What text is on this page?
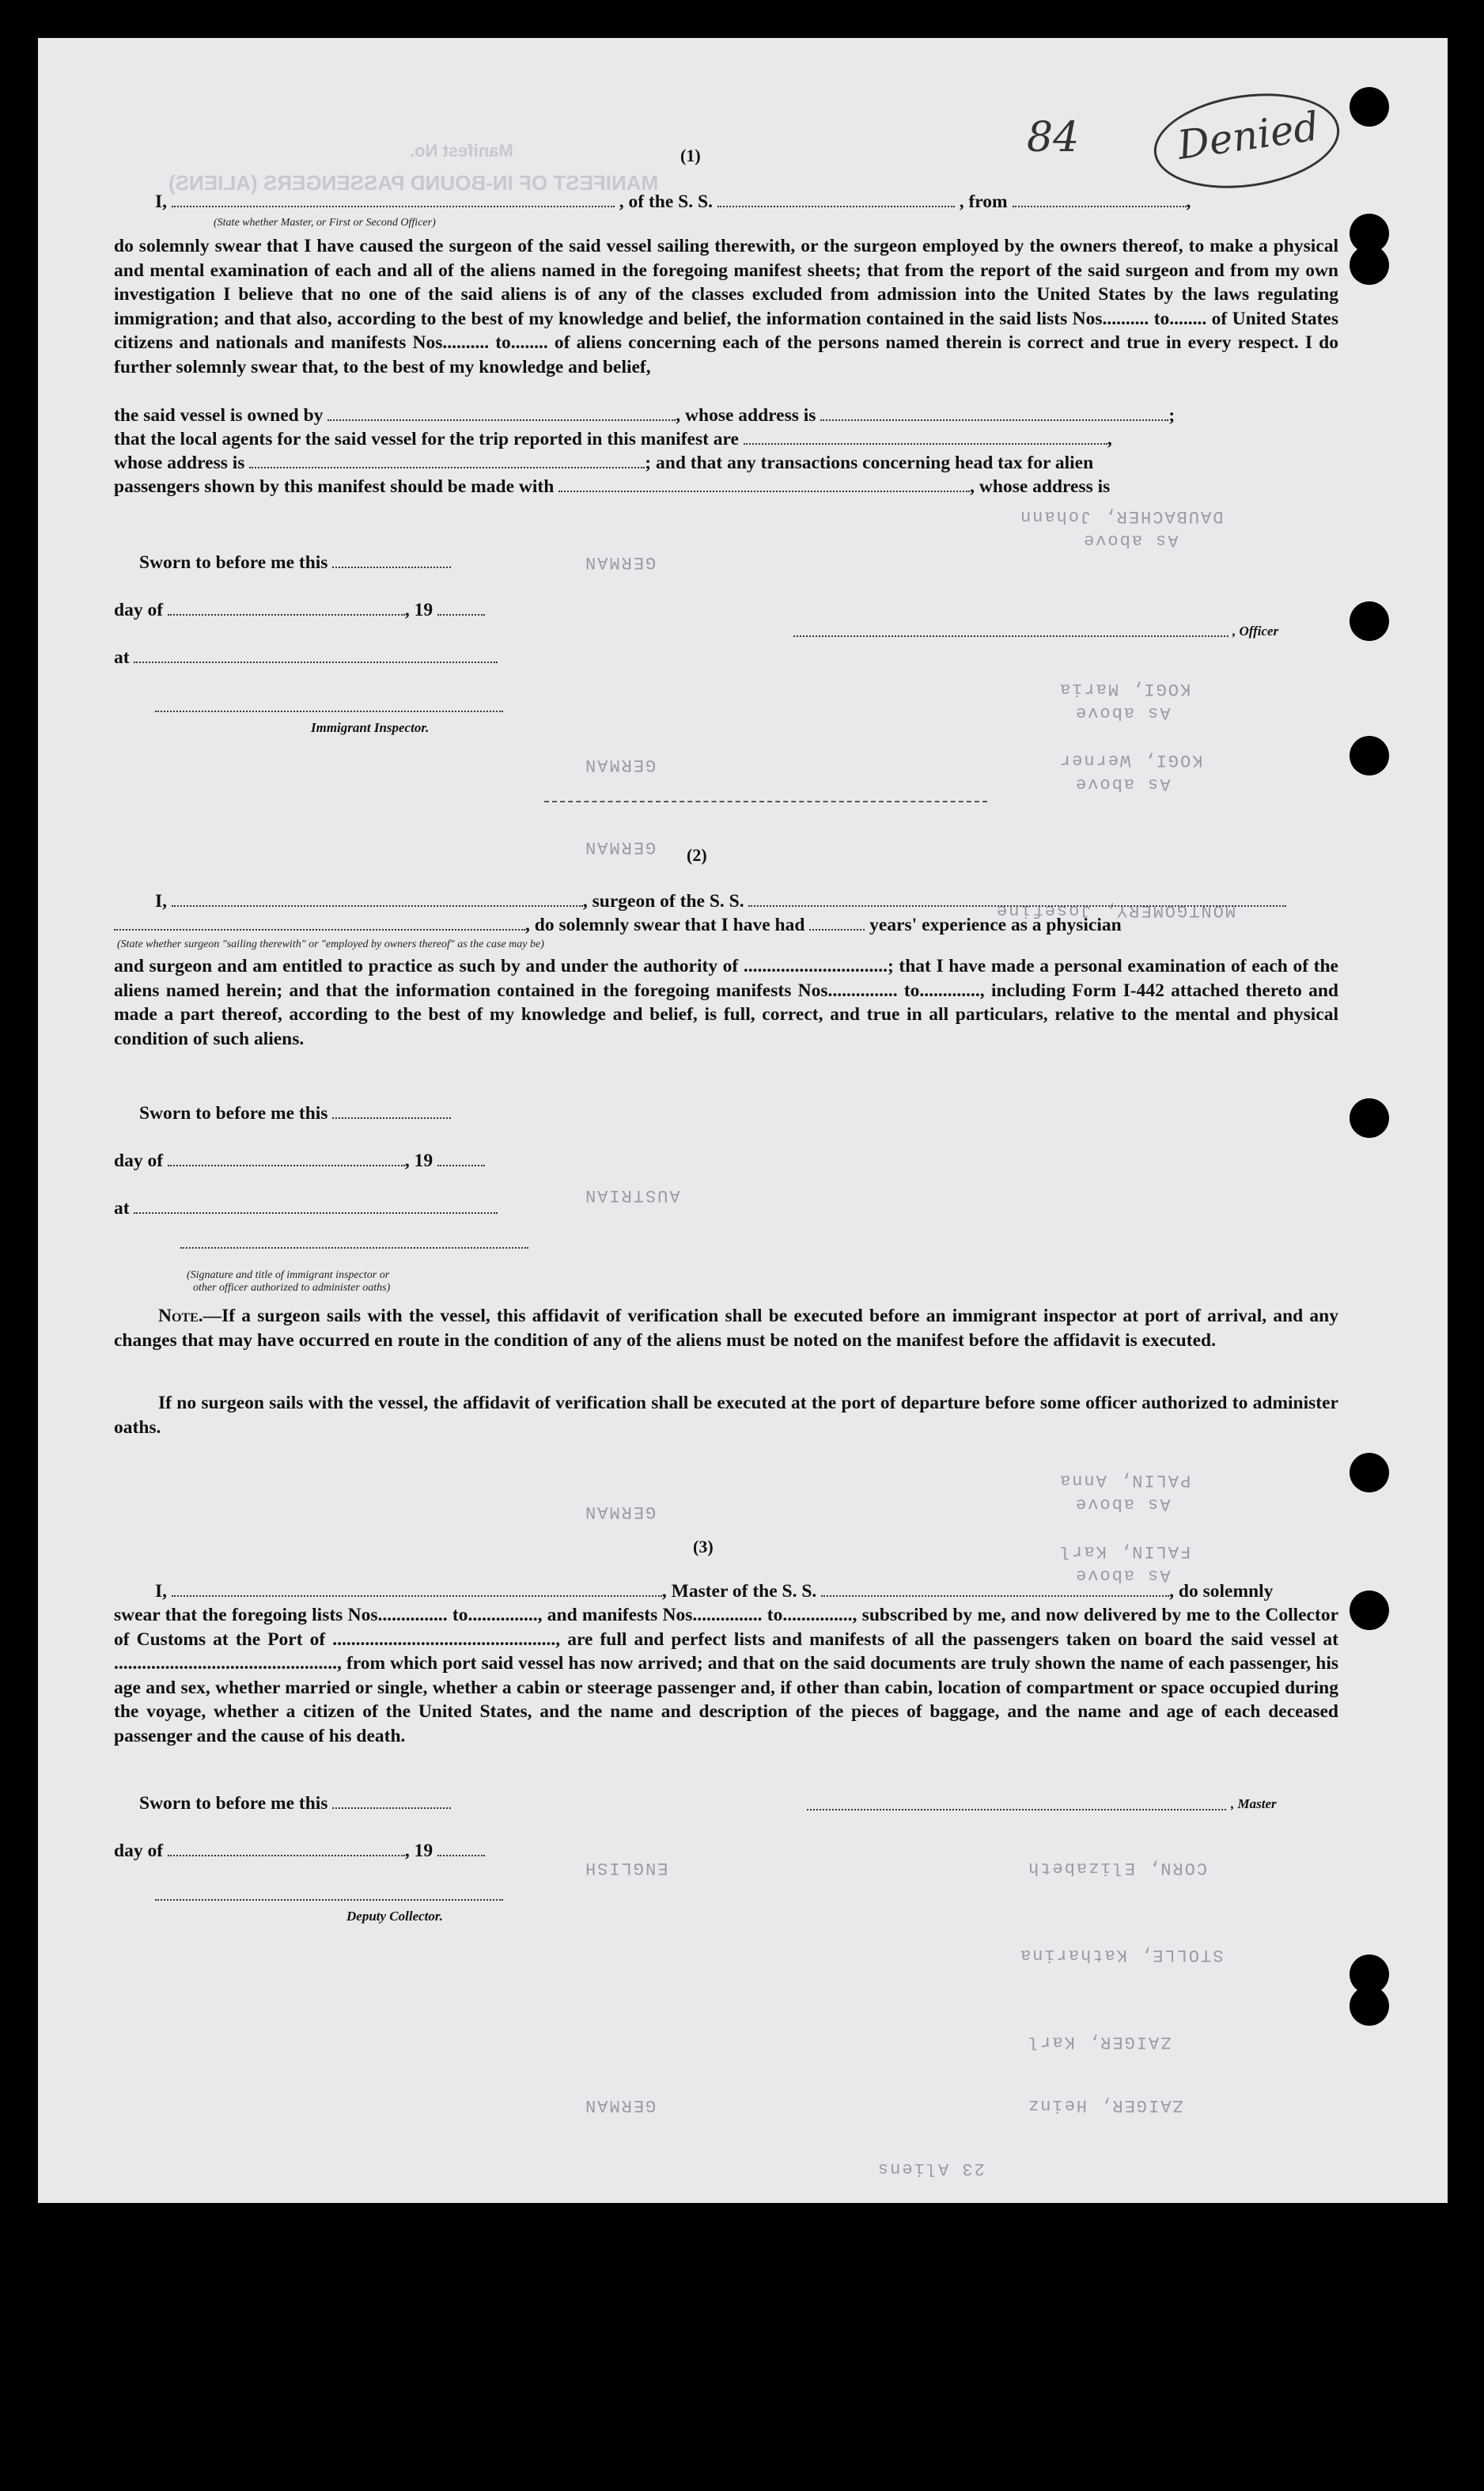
MANIFEST OF IN-BOUND PASSENGERS (ALIENS)
Manifest No.	84 Denied
DAUBACHER, Johann
As above
KOGI, Maria
As above
KOGI, Werner
As above
MONTGOMERY, Josefine
PALIN, Anna
As above
FALIN, Karl
As above
CORN, Elizabeth
STOLLE, Katharina
ZAIGER, Karl
ZAIGER, Heinz
23 Aliens
GERMAN
GERMAN
GERMAN
AUSTRIAN
GERMAN
ENGLISH
GERMAN
(1)
I,	, of the S. S.	, from	,
(State whether Master, or First or Second Officer)
do solemnly swear that I have caused the surgeon of the said vessel sailing therewith, or the surgeon employed by the owners thereof, to make a physical and mental examination of each and all of the aliens named in the foregoing manifest sheets; that from the report of the said surgeon and from my own investigation I believe that no one of the said aliens is of any of the classes excluded from admission into the United States by the laws regulating immigration; and that also, according to the best of my knowledge and belief, the information contained in the said lists Nos.......... to........ of United States citizens and nationals and manifests Nos.......... to........ of aliens concerning each of the persons named therein is correct and true in every respect. I do further solemnly swear that, to the best of my knowledge and belief,
the said vessel is owned by	, whose address is	;
that the local agents for the said vessel for the trip reported in this manifest are	,
whose address is	; and that any transactions concerning head tax for alien
passengers shown by this manifest should be made with	, whose address is
Sworn to before me this
day of	, 19
at
, Officer
Immigrant Inspector.
(2)
I,	, surgeon of the S. S.
, do solemnly swear that I have had	years' experience as a physician
(State whether surgeon "sailing therewith" or "employed by owners thereof" as the case may be)
and surgeon and am entitled to practice as such by and under the authority of ...............................; that I have made a personal examination of each of the aliens named herein; and that the information contained in the foregoing manifests Nos............... to............., including Form I-442 attached thereto and made a part thereof, according to the best of my knowledge and belief, is full, correct, and true in all particulars, relative to the mental and physical condition of such aliens.
Sworn to before me this
day of	, 19
at
(Signature and title of immigrant inspector or
other officer authorized to administer oaths)
Note.—If a surgeon sails with the vessel, this affidavit of verification shall be executed before an immigrant inspector at port of arrival, and any changes that may have occurred en route in the condition of any of the aliens must be noted on the manifest before the affidavit is executed.
If no surgeon sails with the vessel, the affidavit of verification shall be executed at the port of departure before some officer authorized to administer oaths.
(3)
I,	, Master of the S. S.	, do solemnly
swear that the foregoing lists Nos............... to..............., and manifests Nos............... to..............., subscribed by me, and now delivered by me to the Collector of Customs at the Port of ................................................, are full and perfect lists and manifests of all the passengers taken on board the said vessel at ................................................, from which port said vessel has now arrived; and that on the said documents are truly shown the name of each passenger, his age and sex, whether married or single, whether a cabin or steerage passenger and, if other than cabin, location of compartment or space occupied during the voyage, whether a citizen of the United States, and the name and description of the pieces of baggage, and the name and age of each deceased passenger and the cause of his death.
Sworn to before me this	, Master
day of	, 19
Deputy Collector.
